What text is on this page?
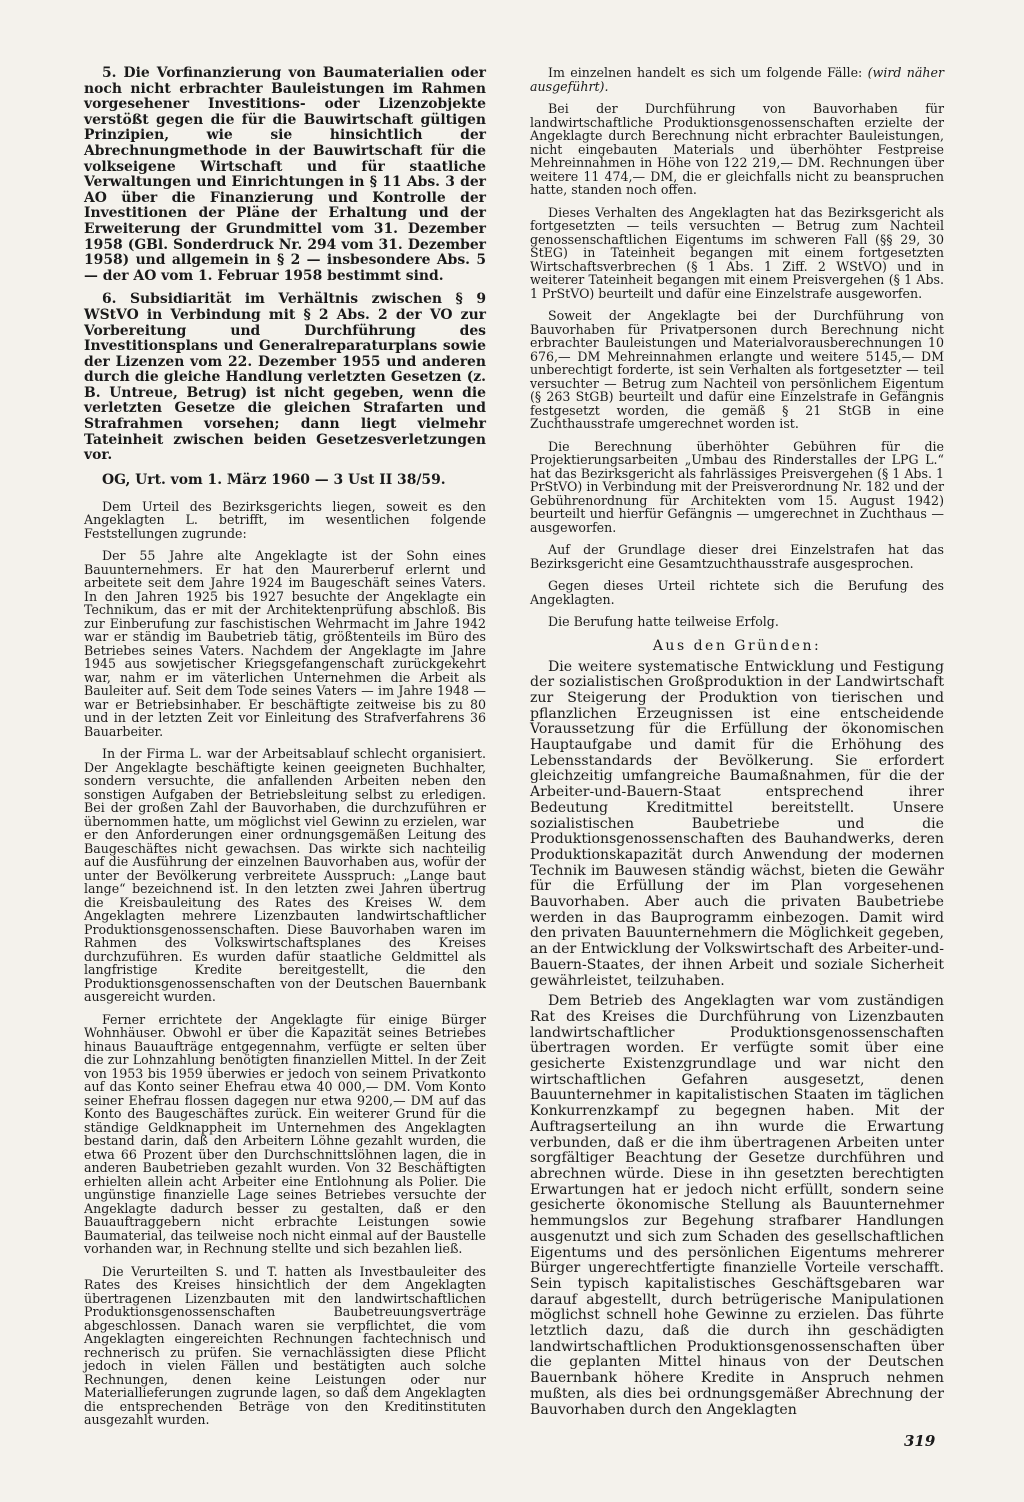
5. Die Vorfinanzierung von Baumaterialien oder noch nicht erbrachter Bauleistungen im Rahmen vorgesehener Investitions- oder Lizenzobjekte verstößt gegen die für die Bauwirtschaft gültigen Prinzipien, wie sie hinsichtlich der Abrechnungmethode in der Bauwirtschaft für die volkseigene Wirtschaft und für staatliche Verwaltungen und Einrichtungen in § 11 Abs. 3 der AO über die Finanzierung und Kontrolle der Investitionen der Pläne der Erhaltung und der Erweiterung der Grundmittel vom 31. Dezember 1958 (GBl. Sonderdruck Nr. 294 vom 31. Dezember 1958) und allgemein in § 2 — insbesondere Abs. 5 — der AO vom 1. Februar 1958 bestimmt sind.

6. Subsidiarität im Verhältnis zwischen § 9 WStVO in Verbindung mit § 2 Abs. 2 der VO zur Vorbereitung und Durchführung des Investitionsplans und Generalreparaturplans sowie der Lizenzen vom 22. Dezember 1955 und anderen durch die gleiche Handlung verletzten Gesetzen (z. B. Untreue, Betrug) ist nicht gegeben, wenn die verletzten Gesetze die gleichen Strafarten und Strafrahmen vorsehen; dann liegt vielmehr Tateinheit zwischen beiden Gesetzesverletzungen vor.

OG, Urt. vom 1. März 1960 — 3 Ust II 38/59.

Dem Urteil des Bezirksgerichts liegen, soweit es den Angeklagten L. betrifft, im wesentlichen folgende Feststellungen zugrunde:

Der 55 Jahre alte Angeklagte ist der Sohn eines Bauunternehmers. Er hat den Maurerberuf erlernt und arbeitete seit dem Jahre 1924 im Baugeschäft seines Vaters. In den Jahren 1925 bis 1927 besuchte der Angeklagte ein Technikum, das er mit der Architektenprüfung abschloß. Bis zur Einberufung zur faschistischen Wehrmacht im Jahre 1942 war er ständig im Baubetrieb tätig, größtenteils im Büro des Betriebes seines Vaters. Nachdem der Angeklagte im Jahre 1945 aus sowjetischer Kriegsgefangenschaft zurückgekehrt war, nahm er im väterlichen Unternehmen die Arbeit als Bauleiter auf. Seit dem Tode seines Vaters — im Jahre 1948 — war er Betriebsinhaber. Er beschäftigte zeitweise bis zu 80 und in der letzten Zeit vor Einleitung des Strafverfahrens 36 Bauarbeiter.

In der Firma L. war der Arbeitsablauf schlecht organisiert. Der Angeklagte beschäftigte keinen geeigneten Buchhalter, sondern versuchte, die anfallenden Arbeiten neben den sonstigen Aufgaben der Betriebsleitung selbst zu erledigen. Bei der großen Zahl der Bauvorhaben, die durchzuführen er übernommen hatte, um möglichst viel Gewinn zu erzielen, war er den Anforderungen einer ordnungsgemäßen Leitung des Baugeschäftes nicht gewachsen. Das wirkte sich nachteilig auf die Ausführung der einzelnen Bauvorhaben aus, wofür der unter der Bevölkerung verbreitete Ausspruch: „Lange baut lange“ bezeichnend ist. In den letzten zwei Jahren übertrug die Kreisbauleitung des Rates des Kreises W. dem Angeklagten mehrere Lizenzbauten landwirtschaftlicher Produktionsgenossenschaften. Diese Bauvorhaben waren im Rahmen des Volkswirtschaftsplanes des Kreises durchzuführen. Es wurden dafür staatliche Geldmittel als langfristige Kredite bereitgestellt, die den Produktionsgenossenschaften von der Deutschen Bauernbank ausgereicht wurden.

Ferner errichtete der Angeklagte für einige Bürger Wohnhäuser. Obwohl er über die Kapazität seines Betriebes hinaus Bauaufträge entgegennahm, verfügte er selten über die zur Lohnzahlung benötigten finanziellen Mittel. In der Zeit von 1953 bis 1959 überwies er jedoch von seinem Privatkonto auf das Konto seiner Ehefrau etwa 40 000,— DM. Vom Konto seiner Ehefrau flossen dagegen nur etwa 9200,— DM auf das Konto des Baugeschäftes zurück. Ein weiterer Grund für die ständige Geldknappheit im Unternehmen des Angeklagten bestand darin, daß den Arbeitern Löhne gezahlt wurden, die etwa 66 Prozent über den Durchschnittslöhnen lagen, die in anderen Baubetrieben gezahlt wurden. Von 32 Beschäftigten erhielten allein acht Arbeiter eine Entlohnung als Polier. Die ungünstige finanzielle Lage seines Betriebes versuchte der Angeklagte dadurch besser zu gestalten, daß er den Bauauftraggebern nicht erbrachte Leistungen sowie Baumaterial, das teilweise noch nicht einmal auf der Baustelle vorhanden war, in Rechnung stellte und sich bezahlen ließ.

Die Verurteilten S. und T. hatten als Investbauleiter des Rates des Kreises hinsichtlich der dem Angeklagten übertragenen Lizenzbauten mit den landwirtschaftlichen Produktionsgenossenschaften Baubetreuungsverträge abgeschlossen. Danach waren sie verpflichtet, die vom Angeklagten eingereichten Rechnungen fachtechnisch und rechnerisch zu prüfen. Sie vernachlässigten diese Pflicht jedoch in vielen Fällen und bestätigten auch solche Rechnungen, denen keine Leistungen oder nur Materiallieferungen zugrunde lagen, so daß dem Angeklagten die entsprechenden Beträge von den Kreditinstituten ausgezahlt wurden.

Im einzelnen handelt es sich um folgende Fälle: (wird näher ausgeführt).

Bei der Durchführung von Bauvorhaben für landwirtschaftliche Produktionsgenossenschaften erzielte der Angeklagte durch Berechnung nicht erbrachter Bauleistungen, nicht eingebauten Materials und überhöhter Festpreise Mehreinnahmen in Höhe von 122 219,— DM. Rechnungen über weitere 11 474,— DM, die er gleichfalls nicht zu beanspruchen hatte, standen noch offen.

Dieses Verhalten des Angeklagten hat das Bezirksgericht als fortgesetzten — teils versuchten — Betrug zum Nachteil genossenschaftlichen Eigentums im schweren Fall (§§ 29, 30 StEG) in Tateinheit begangen mit einem fortgesetzten Wirtschaftsverbrechen (§ 1 Abs. 1 Ziff. 2 WStVO) und in weiterer Tateinheit begangen mit einem Preisvergehen (§ 1 Abs. 1 PrStVO) beurteilt und dafür eine Einzelstrafe ausgeworfen.

Soweit der Angeklagte bei der Durchführung von Bauvorhaben für Privatpersonen durch Berechnung nicht erbrachter Bauleistungen und Materialvorausberechnungen 10 676,— DM Mehreinnahmen erlangte und weitere 5145,— DM unberechtigt forderte, ist sein Verhalten als fortgesetzter — teil versuchter — Betrug zum Nachteil von persönlichem Eigentum (§ 263 StGB) beurteilt und dafür eine Einzelstrafe in Gefängnis festgesetzt worden, die gemäß § 21 StGB in eine Zuchthausstrafe umgerechnet worden ist.

Die Berechnung überhöhter Gebühren für die Projektierungsarbeiten „Umbau des Rinderstalles der LPG L.“ hat das Bezirksgericht als fahrlässiges Preisvergehen (§ 1 Abs. 1 PrStVO) in Verbindung mit der Preisverordnung Nr. 182 und der Gebührenordnung für Architekten vom 15. August 1942) beurteilt und hierfür Gefängnis — umgerechnet in Zuchthaus — ausgeworfen.

Auf der Grundlage dieser drei Einzelstrafen hat das Bezirksgericht eine Gesamtzuchthausstrafe ausgesprochen.

Gegen dieses Urteil richtete sich die Berufung des Angeklagten.

Die Berufung hatte teilweise Erfolg.

Aus den Gründen:

Die weitere systematische Entwicklung und Festigung der sozialistischen Großproduktion in der Landwirtschaft zur Steigerung der Produktion von tierischen und pflanzlichen Erzeugnissen ist eine entscheidende Voraussetzung für die Erfüllung der ökonomischen Hauptaufgabe und damit für die Erhöhung des Lebensstandards der Bevölkerung. Sie erfordert gleichzeitig umfangreiche Baumaßnahmen, für die der Arbeiter-und-Bauern-Staat entsprechend ihrer Bedeutung Kreditmittel bereitstellt. Unsere sozialistischen Baubetriebe und die Produktionsgenossenschaften des Bauhandwerks, deren Produktionskapazität durch Anwendung der modernen Technik im Bauwesen ständig wächst, bieten die Gewähr für die Erfüllung der im Plan vorgesehenen Bauvorhaben. Aber auch die privaten Baubetriebe werden in das Bauprogramm einbezogen. Damit wird den privaten Bauunternehmern die Möglichkeit gegeben, an der Entwicklung der Volkswirtschaft des Arbeiter-und-Bauern-Staates, der ihnen Arbeit und soziale Sicherheit gewährleistet, teilzuhaben.

Dem Betrieb des Angeklagten war vom zuständigen Rat des Kreises die Durchführung von Lizenzbauten landwirtschaftlicher Produktionsgenossenschaften übertragen worden. Er verfügte somit über eine gesicherte Existenzgrundlage und war nicht den wirtschaftlichen Gefahren ausgesetzt, denen Bauunternehmer in kapitalistischen Staaten im täglichen Konkurrenzkampf zu begegnen haben. Mit der Auftragserteilung an ihn wurde die Erwartung verbunden, daß er die ihm übertragenen Arbeiten unter sorgfältiger Beachtung der Gesetze durchführen und abrechnen würde. Diese in ihn gesetzten berechtigten Erwartungen hat er jedoch nicht erfüllt, sondern seine gesicherte ökonomische Stellung als Bauunternehmer hemmungslos zur Begehung strafbarer Handlungen ausgenutzt und sich zum Schaden des gesellschaftlichen Eigentums und des persönlichen Eigentums mehrerer Bürger ungerechtfertigte finanzielle Vorteile verschafft. Sein typisch kapitalistisches Geschäftsgebaren war darauf abgestellt, durch betrügerische Manipulationen möglichst schnell hohe Gewinne zu erzielen. Das führte letztlich dazu, daß die durch ihn geschädigten landwirtschaftlichen Produktionsgenossenschaften über die geplanten Mittel hinaus von der Deutschen Bauernbank höhere Kredite in Anspruch nehmen mußten, als dies bei ordnungsgemäßer Abrechnung der Bauvorhaben durch den Angeklagten

319
